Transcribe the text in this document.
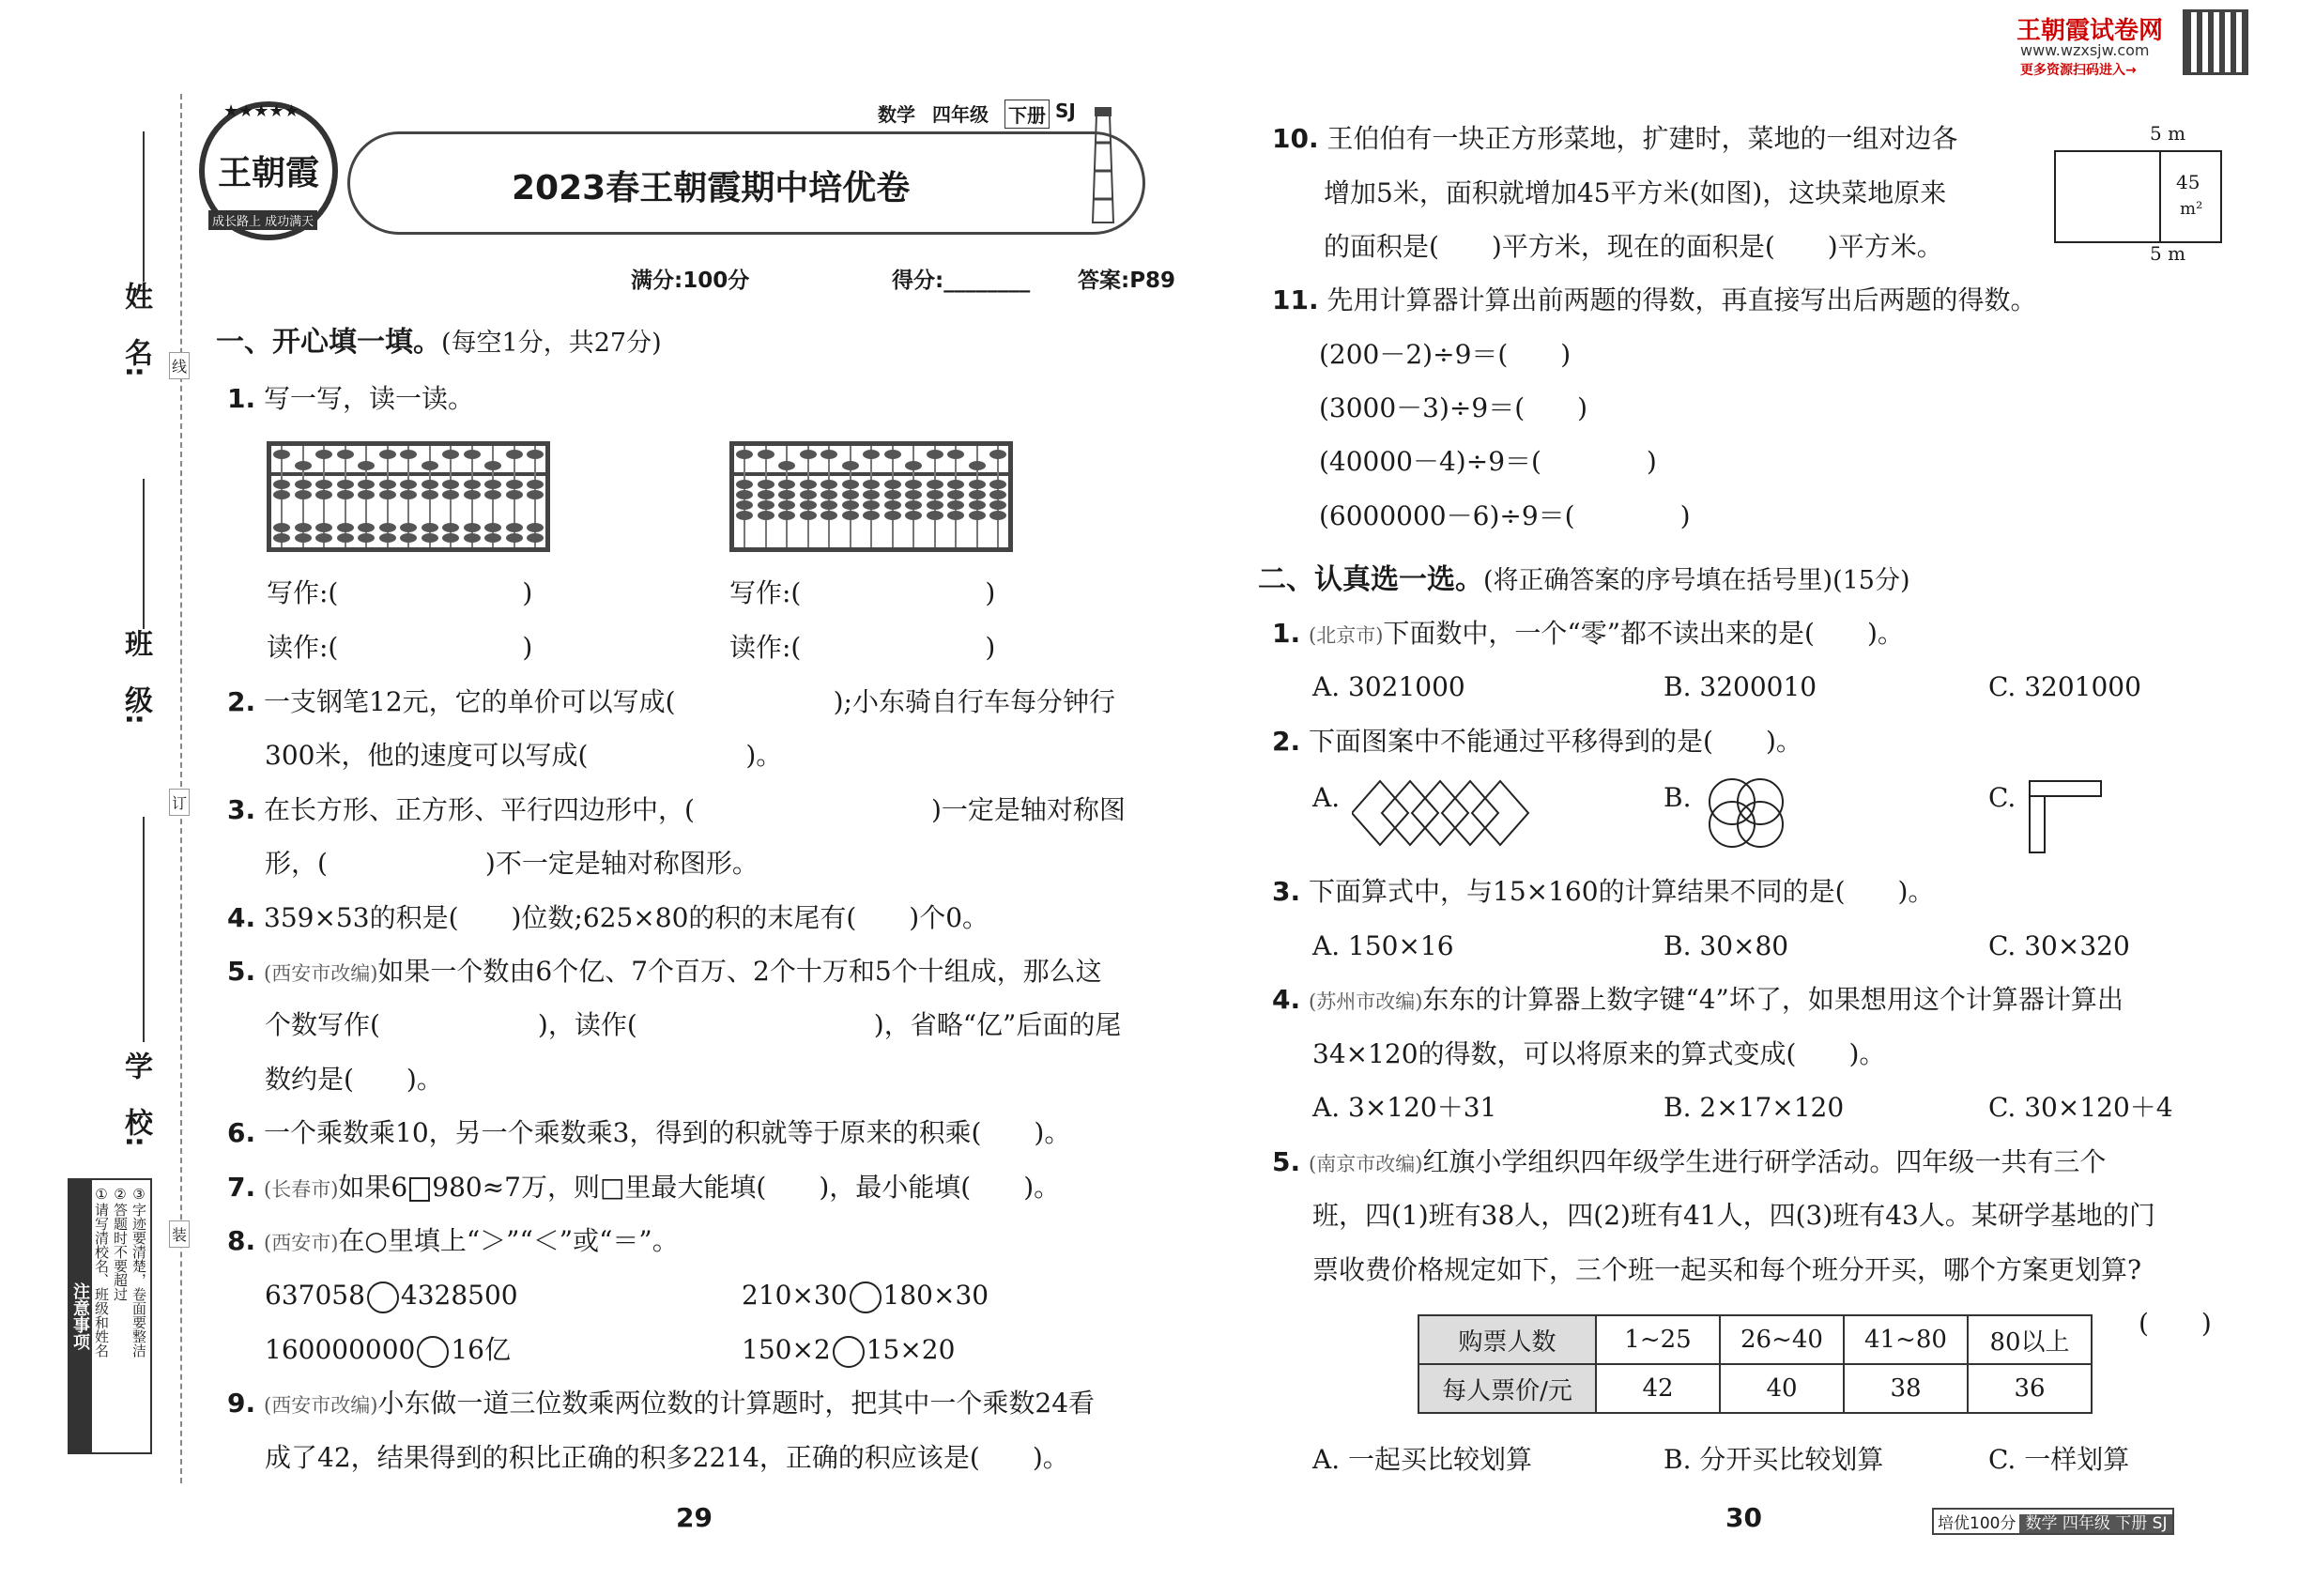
姓　名:
班　级:
学　校:
线
订
装
注意事项 ①请写清校名、班级和姓名 ②答题时不要超过 ③字迹要清楚，卷面要整洁
★★★★★
王朝霞
成长路上 成功满天
数学 四年级 下册 SJ
2023春王朝霞期中培优卷
满分:100分	得分:________ 答案:P89
一、开心填一填。(每空1分，共27分)
1. 写一写，读一读。
写作:(　　　　　　　)
读作:(　　　　　　　)
写作:(　　　　　　　)
读作:(　　　　　　　)
2. 一支钢笔12元，它的单价可以写成(　　　　　　);小东骑自行车每分钟行
300米，他的速度可以写成(　　　　　　)。
3. 在长方形、正方形、平行四边形中，(　　　　　　　　　)一定是轴对称图
形，(　　　　　　)不一定是轴对称图形。
4. 359×53的积是(　　)位数;625×80的积的末尾有(　　)个0。
5. (西安市改编)如果一个数由6个亿、7个百万、2个十万和5个十组成，那么这
个数写作(　　　　　　)，读作(　　　　　　　　　)，省略“亿”后面的尾
数约是(　　)。
6. 一个乘数乘10，另一个乘数乘3，得到的积就等于原来的积乘(　　)。
7. (长春市)如果6 980≈7万，则□里最大能填(　　)，最小能填(　　)。
8. (西安市)在○里填上“＞”“＜”或“＝”。
637058 4328500	210×30 180×30
160000000 16亿	150×2 15×20
9. (西安市改编)小东做一道三位数乘两位数的计算题时，把其中一个乘数24看
成了42，结果得到的积比正确的积多2214，正确的积应该是(　　)。
29
王朝霞试卷网
www.wzxsjw.com
更多资源扫码进入→
10. 王伯伯有一块正方形菜地，扩建时，菜地的一组对边各
增加5米，面积就增加45平方米(如图)，这块菜地原来
的面积是(　　)平方米，现在的面积是(　　)平方米。
5 m
45
m²
5 m
11. 先用计算器计算出前两题的得数，再直接写出后两题的得数。
(200－2)÷9＝(　　)
(3000－3)÷9＝(　　)
(40000－4)÷9＝(　　　　)
(6000000－6)÷9＝(　　　　)
二、认真选一选。(将正确答案的序号填在括号里)(15分)
1. (北京市)下面数中，一个“零”都不读出来的是(　　)。
A. 3021000	B. 3200010	C. 3201000
2. 下面图案中不能通过平移得到的是(　　)。
A.	B.	C.
3. 下面算式中，与15×160的计算结果不同的是(　　)。
A. 150×16	B. 30×80	C. 30×320
4. (苏州市改编)东东的计算器上数字键“4”坏了，如果想用这个计算器计算出
34×120的得数，可以将原来的算式变成(　　)。
A. 3×120＋31	B. 2×17×120	C. 30×120＋4
5. (南京市改编)红旗小学组织四年级学生进行研学活动。四年级一共有三个
班，四(1)班有38人，四(2)班有41人，四(3)班有43人。某研学基地的门
票收费价格规定如下，三个班一起买和每个班分开买，哪个方案更划算?
(　　)
购票人数	1~25	26~40	41~80	80以上
每人票价/元	42	40	38	36
A. 一起买比较划算	B. 分开买比较划算	C. 一样划算
30	培优100分 数学 四年级 下册 SJ
